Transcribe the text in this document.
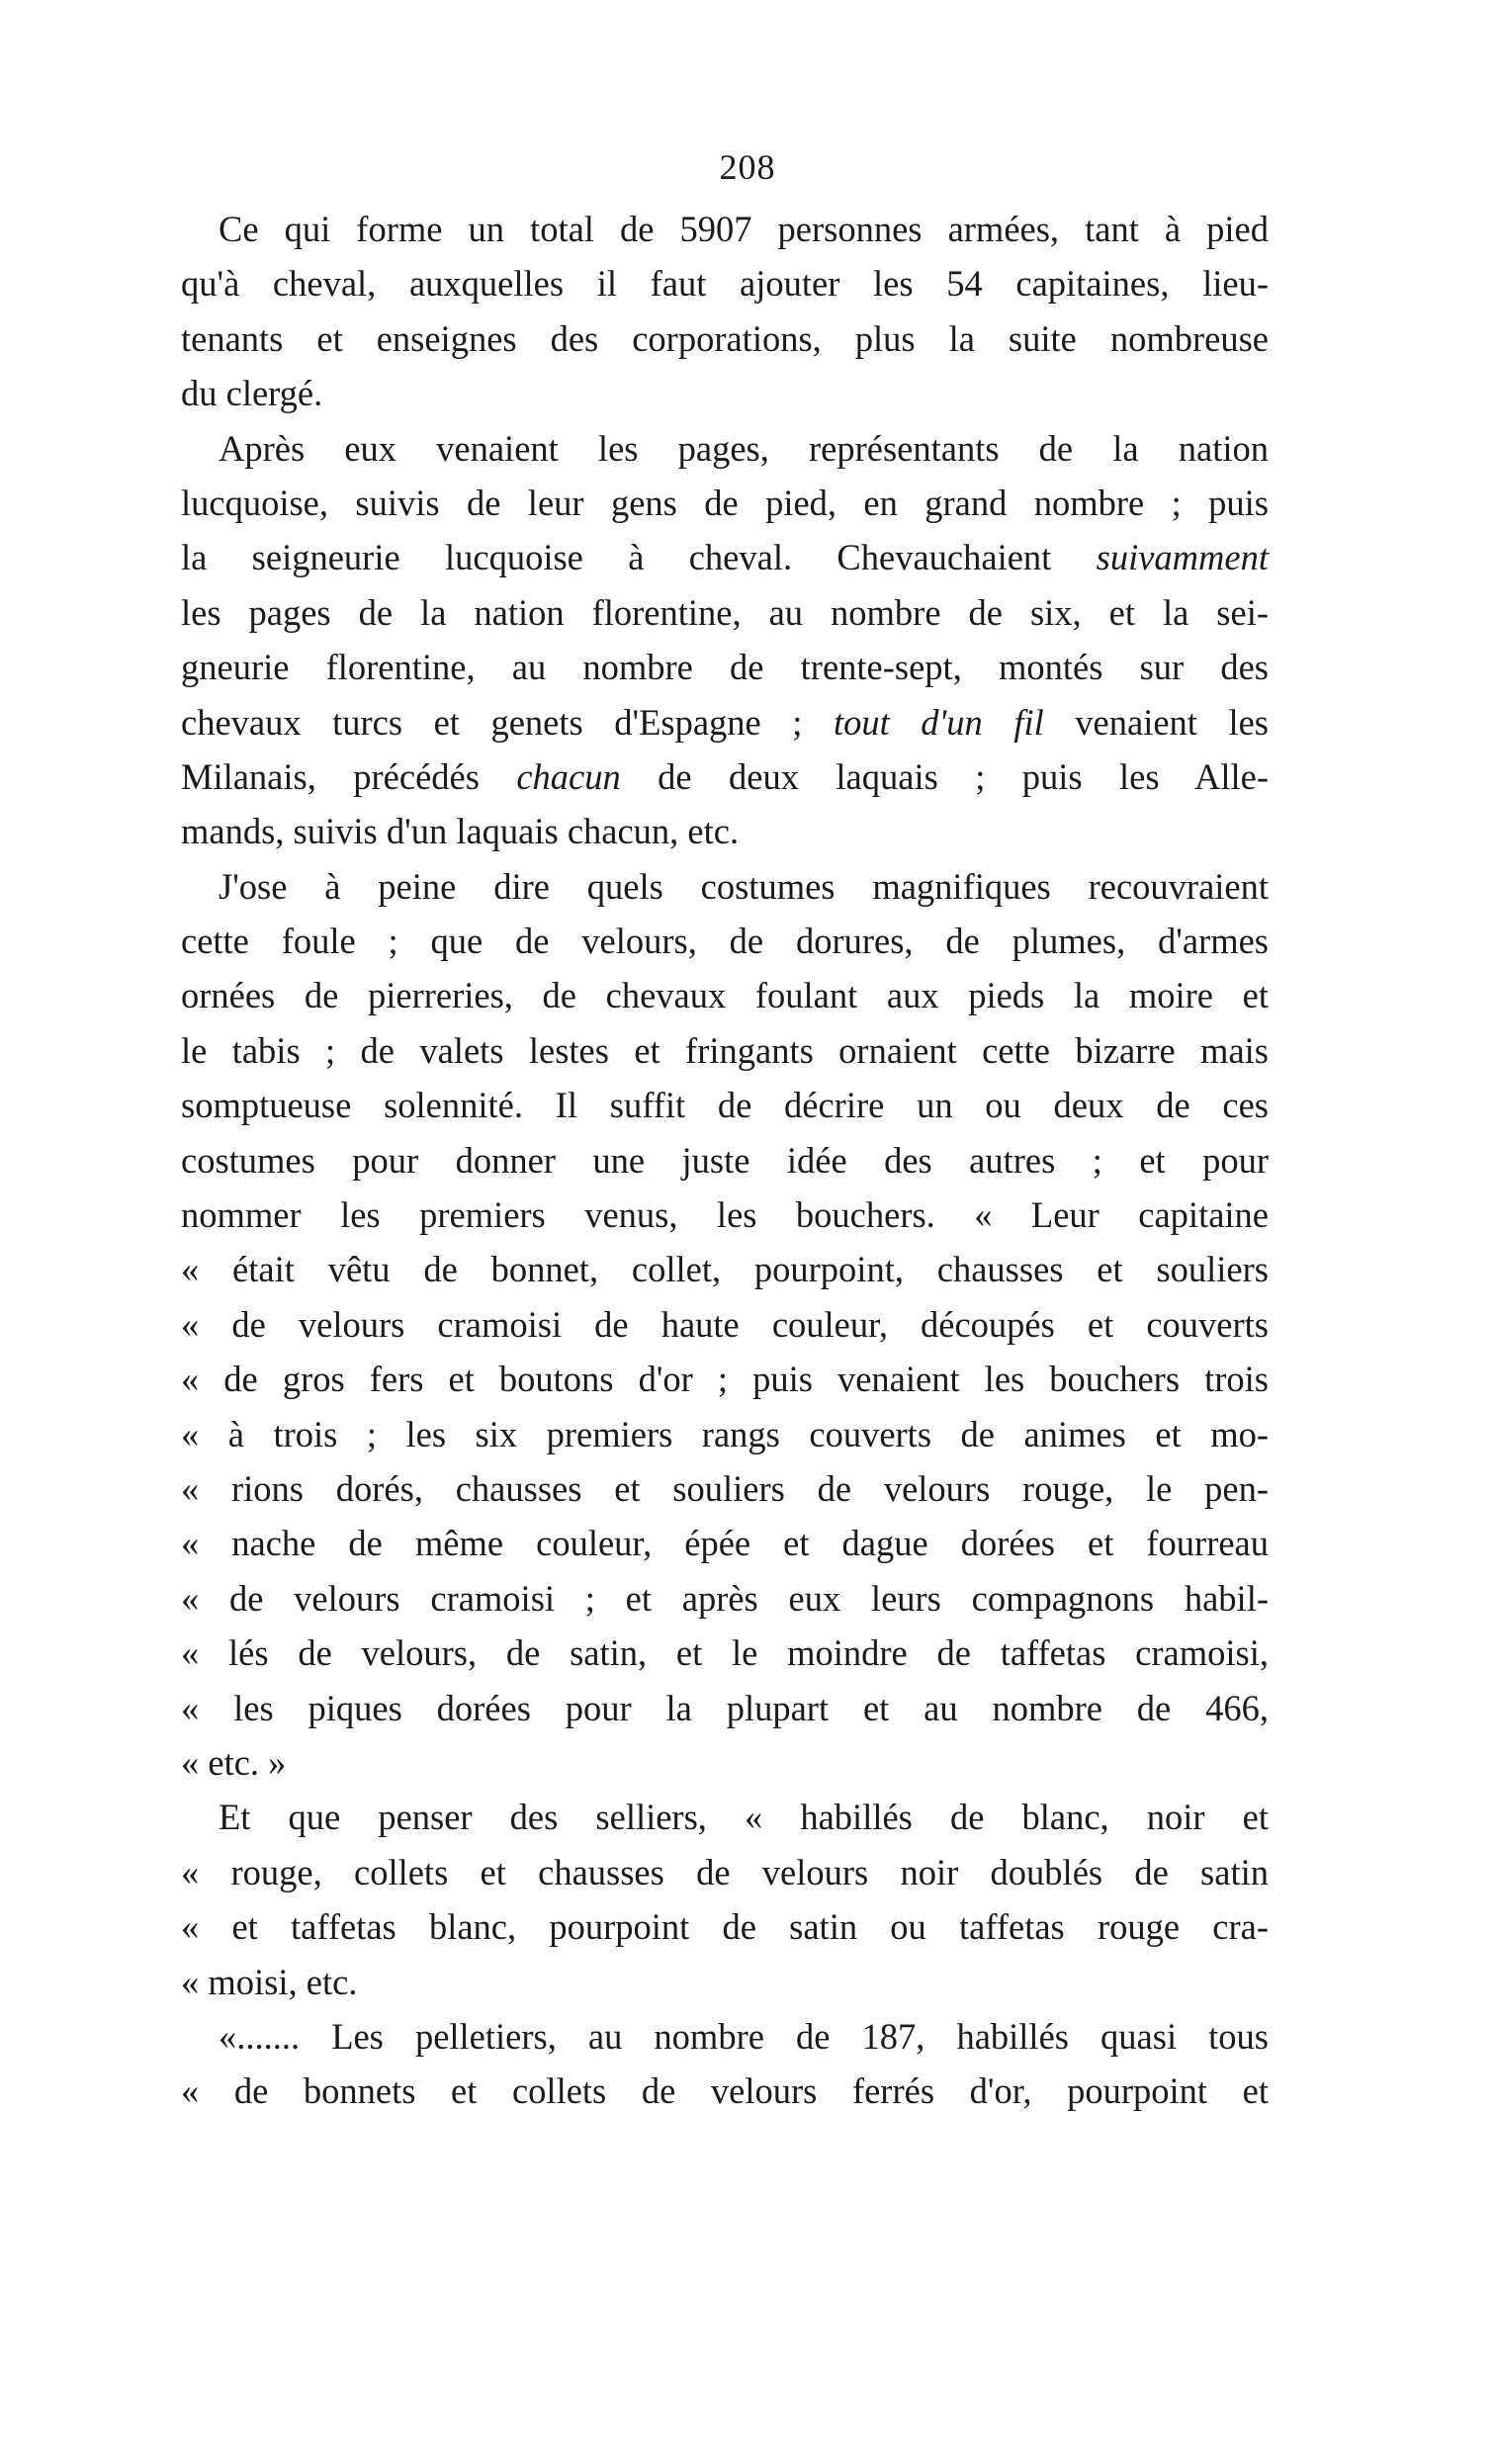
208
Ce qui forme un total de 5907 personnes armées, tant à pied
qu'à cheval, auxquelles il faut ajouter les 54 capitaines, lieu-
tenants et enseignes des corporations, plus la suite nombreuse
du clergé.
Après eux venaient les pages, représentants de la nation
lucquoise, suivis de leur gens de pied, en grand nombre ; puis
la seigneurie lucquoise à cheval. Chevauchaient suivamment
les pages de la nation florentine, au nombre de six, et la sei-
gneurie florentine, au nombre de trente-sept, montés sur des
chevaux turcs et genets d'Espagne ; tout d'un fil venaient les
Milanais, précédés chacun de deux laquais ; puis les Alle-
mands, suivis d'un laquais chacun, etc.
J'ose à peine dire quels costumes magnifiques recouvraient
cette foule ; que de velours, de dorures, de plumes, d'armes
ornées de pierreries, de chevaux foulant aux pieds la moire et
le tabis ; de valets lestes et fringants ornaient cette bizarre mais
somptueuse solennité. Il suffit de décrire un ou deux de ces
costumes pour donner une juste idée des autres ; et pour
nommer les premiers venus, les bouchers. « Leur capitaine
« était vêtu de bonnet, collet, pourpoint, chausses et souliers
« de velours cramoisi de haute couleur, découpés et couverts
« de gros fers et boutons d'or ; puis venaient les bouchers trois
« à trois ; les six premiers rangs couverts de animes et mo-
« rions dorés, chausses et souliers de velours rouge, le pen-
« nache de même couleur, épée et dague dorées et fourreau
« de velours cramoisi ; et après eux leurs compagnons habil-
« lés de velours, de satin, et le moindre de taffetas cramoisi,
« les piques dorées pour la plupart et au nombre de 466,
« etc. »
Et que penser des selliers, « habillés de blanc, noir et
« rouge, collets et chausses de velours noir doublés de satin
« et taffetas blanc, pourpoint de satin ou taffetas rouge cra-
« moisi, etc.
«....... Les pelletiers, au nombre de 187, habillés quasi tous
« de bonnets et collets de velours ferrés d'or, pourpoint et
